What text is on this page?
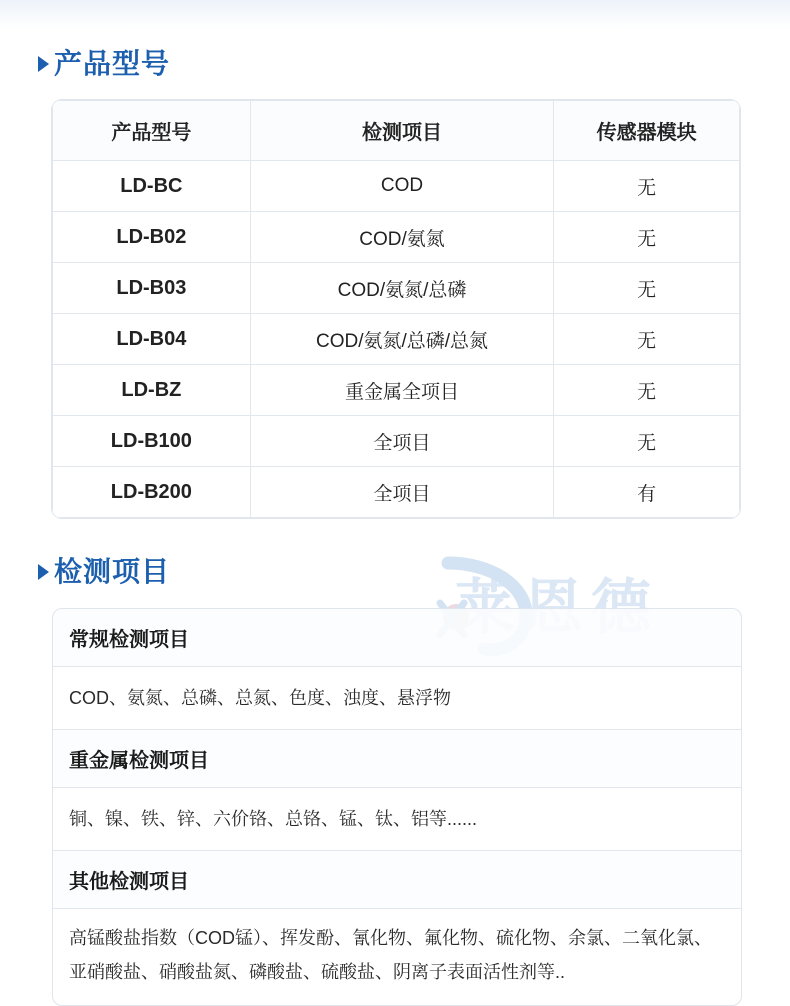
产品型号
产品型号	检测项目	传感器模块
LD-BC	COD	无
LD-B02	COD/氨氮	无
LD-B03	COD/氨氮/总磷	无
LD-B04	COD/氨氮/总磷/总氮	无
LD-BZ	重金属全项目	无
LD-B100	全项目	无
LD-B200	全项目	有
检测项目
常规检测项目
COD、氨氮、总磷、总氮、色度、浊度、悬浮物
重金属检测项目
铜、镍、铁、锌、六价铬、总铬、锰、钛、铝等......
其他检测项目
高锰酸盐指数（COD锰）、挥发酚、氰化物、氟化物、硫化物、余氯、二氧化氯、亚硝酸盐、硝酸盐氮、磷酸盐、硫酸盐、阴离子表面活性剂等..
